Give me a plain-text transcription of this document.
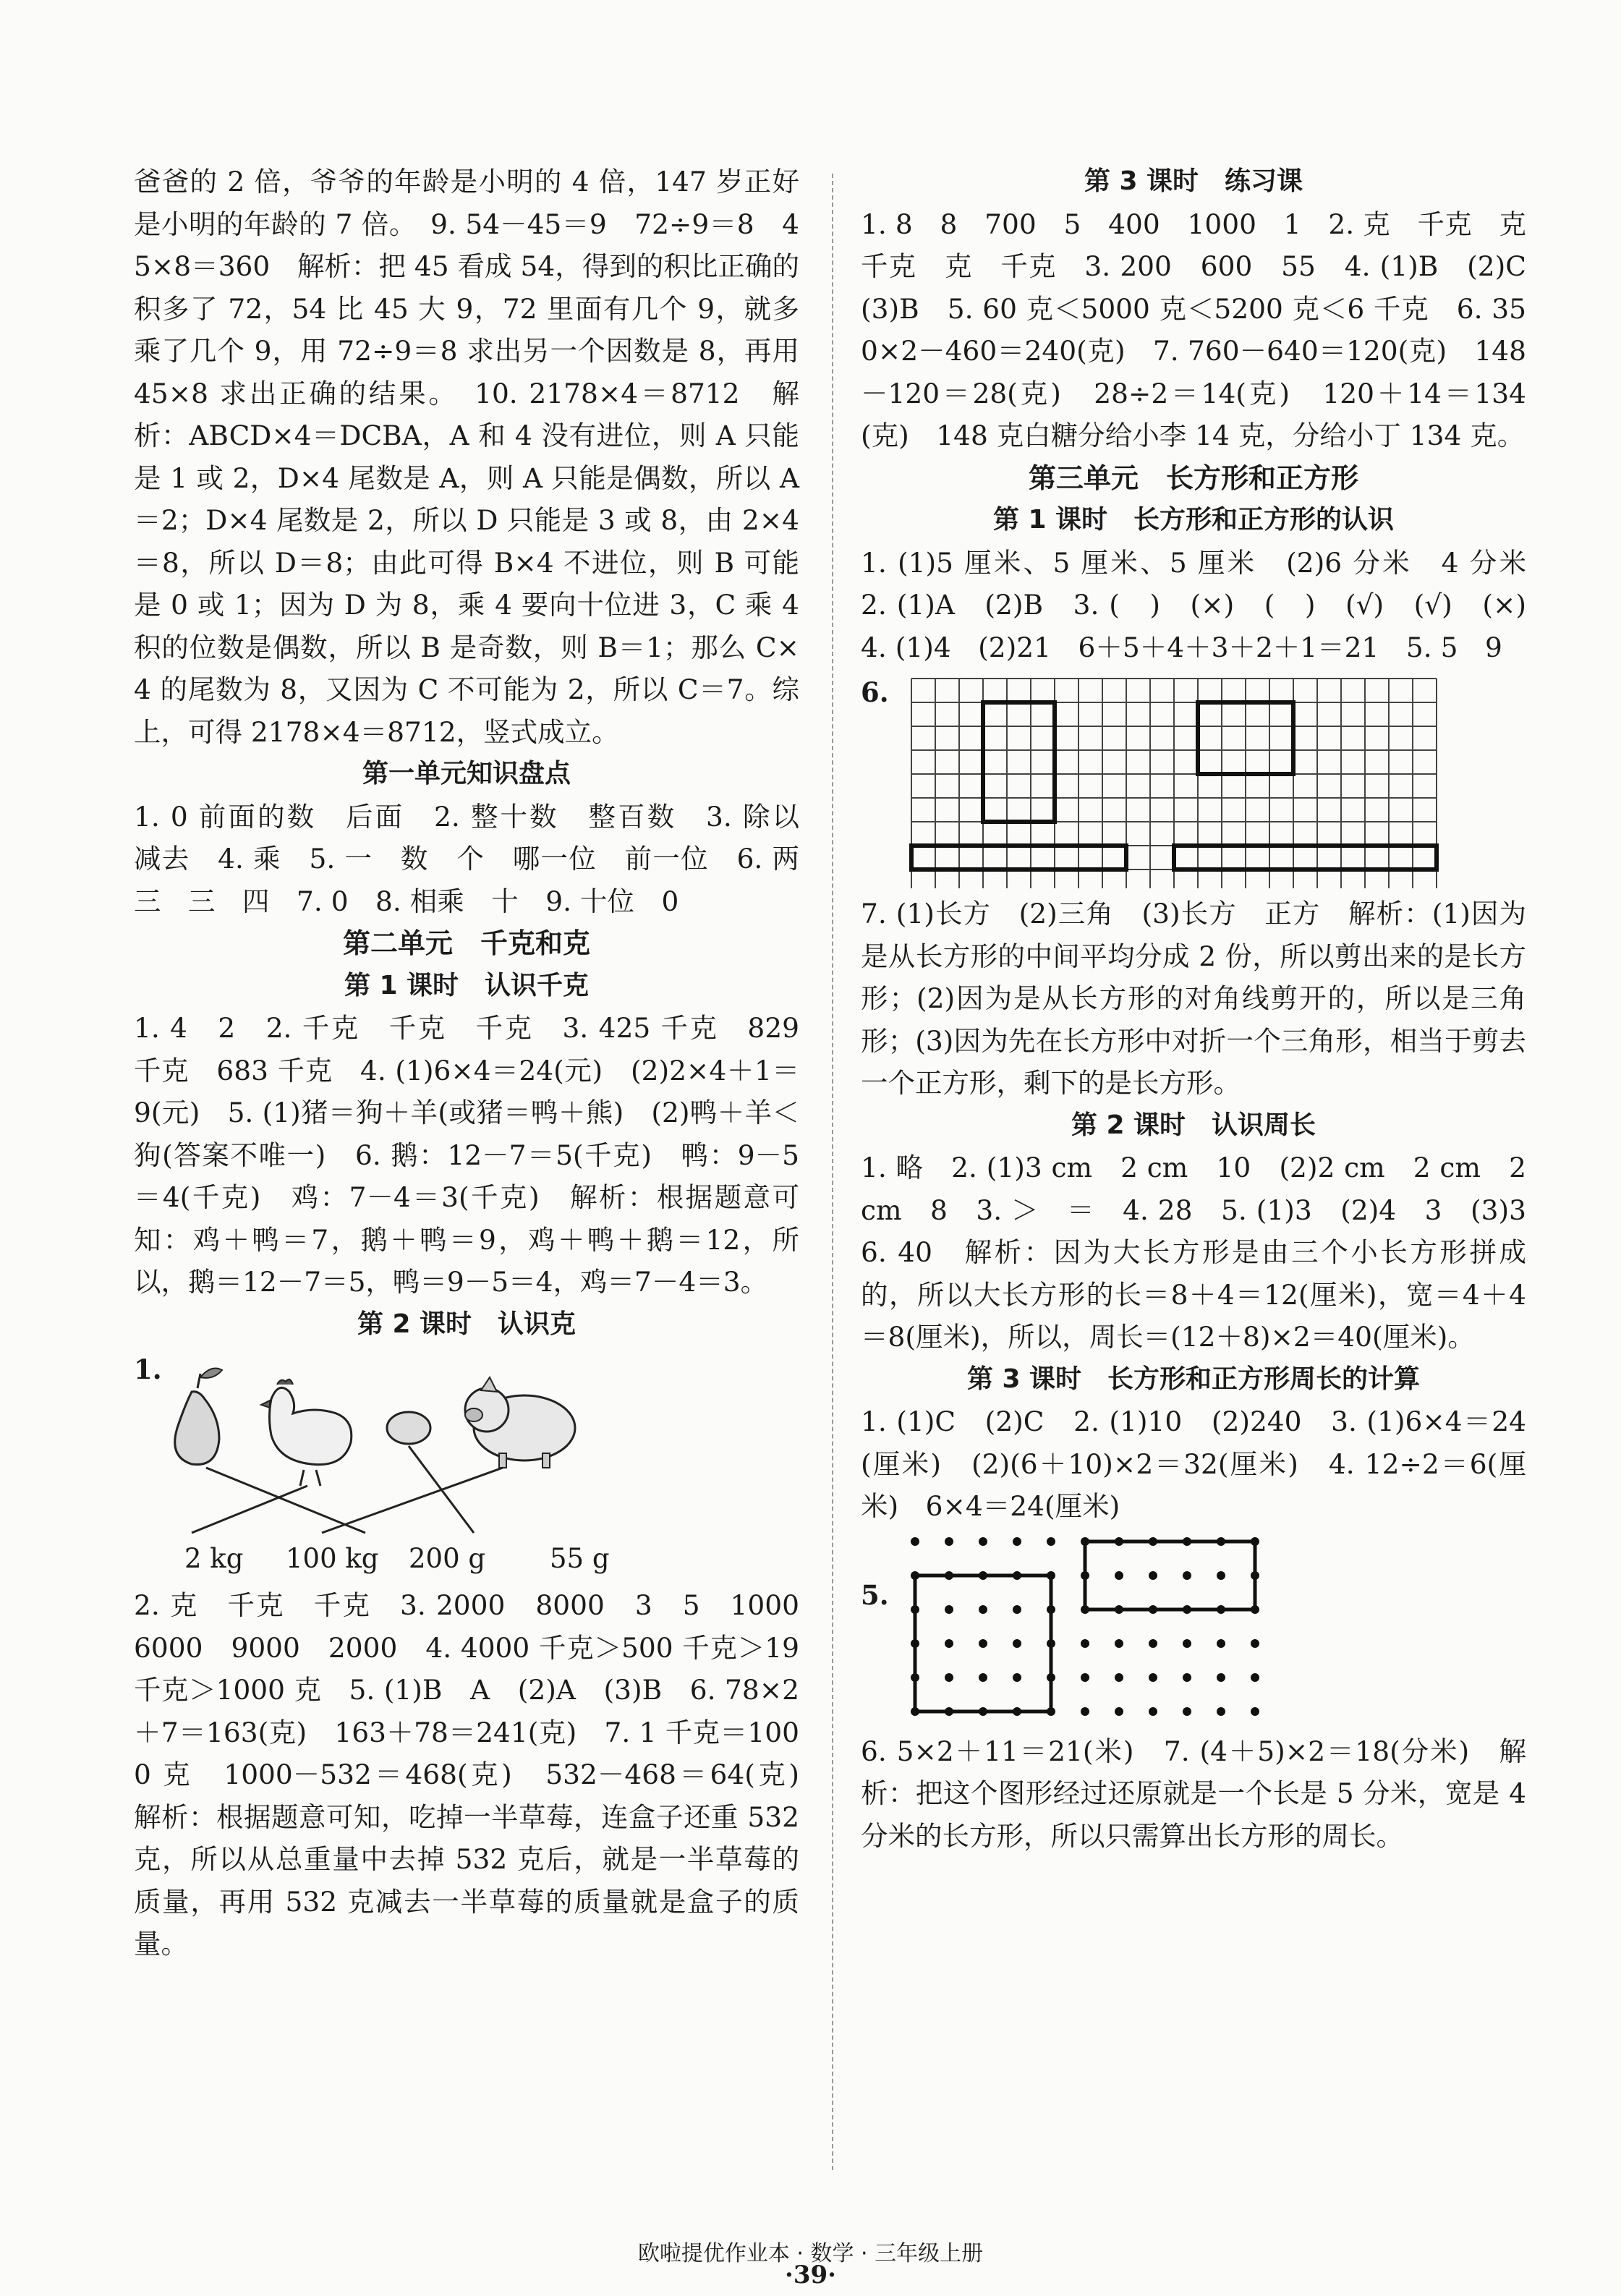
爸爸的 2 倍，爷爷的年龄是小明的 4 倍，147 岁正好是小明的年龄的 7 倍。　9. 54－45＝9　72÷9＝8　45×8＝360　解析：把 45 看成 54，得到的积比正确的积多了 72，54 比 45 大 9，72 里面有几个 9，就多乘了几个 9，用 72÷9＝8 求出另一个因数是 8，再用 45×8 求出正确的结果。　10. 2178×4＝8712　解析：ABCD×4＝DCBA，A 和 4 没有进位，则 A 只能是 1 或 2，D×4 尾数是 A，则 A 只能是偶数，所以 A＝2；D×4 尾数是 2，所以 D 只能是 3 或 8，由 2×4＝8，所以 D＝8；由此可得 B×4 不进位，则 B 可能是 0 或 1；因为 D 为 8，乘 4 要向十位进 3，C 乘 4 积的位数是偶数，所以 B 是奇数，则 B＝1；那么 C×4 的尾数为 8，又因为 C 不可能为 2，所以 C＝7。综上，可得 2178×4＝8712，竖式成立。

第一单元知识盘点

1. 0 前面的数　后面　2. 整十数　整百数　3. 除以　减去　4. 乘　5. 一　数　个　哪一位　前一位　6. 两　三　三　四　7. 0　8. 相乘　十　9. 十位　0

第二单元　千克和克
第 1 课时　认识千克

1. 4　2　2. 千克　千克　千克　3. 425 千克　829 千克　683 千克　4. (1)6×4＝24(元)　(2)2×4＋1＝9(元)　5. (1)猪＝狗＋羊(或猪＝鸭＋熊)　(2)鸭＋羊＜狗(答案不唯一)　6. 鹅：12－7＝5(千克)　鸭：9－5＝4(千克)　鸡：7－4＝3(千克)　解析：根据题意可知：鸡＋鸭＝7，鹅＋鸭＝9，鸡＋鸭＋鹅＝12，所以，鹅＝12－7＝5，鸭＝9－5＝4，鸡＝7－4＝3。

第 2 课时　认识克
1.
2 kg 100 kg 200 g 55 g

2. 克　千克　千克　3. 2000　8000　3　5　1000　6000　9000　2000　4. 4000 千克＞500 千克＞19 千克＞1000 克　5. (1)B　A　(2)A　(3)B　6. 78×2＋7＝163(克)　163＋78＝241(克)　7. 1 千克＝1000 克　1000－532＝468(克)　532－468＝64(克)　解析：根据题意可知，吃掉一半草莓，连盒子还重 532 克，所以从总重量中去掉 532 克后，就是一半草莓的质量，再用 532 克减去一半草莓的质量就是盒子的质量。

第 3 课时　练习课

1. 8　8　700　5　400　1000　1　2. 克　千克　克　千克　克　千克　3. 200　600　55　4. (1)B　(2)C　(3)B　5. 60 克＜5000 克＜5200 克＜6 千克　6. 350×2－460＝240(克)　7. 760－640＝120(克)　148－120＝28(克)　28÷2＝14(克)　120＋14＝134(克)　148 克白糖分给小李 14 克，分给小丁 134 克。

第三单元　长方形和正方形
第 1 课时　长方形和正方形的认识

1. (1)5 厘米、5 厘米、5 厘米　(2)6 分米　4 分米　2. (1)A　(2)B　3. (　)　(×)　(　)　(√)　(√)　(×)　4. (1)4　(2)21　6＋5＋4＋3＋2＋1＝21　5. 5　9

6.

7. (1)长方　(2)三角　(3)长方　正方　解析：(1)因为是从长方形的中间平均分成 2 份，所以剪出来的是长方形；(2)因为是从长方形的对角线剪开的，所以是三角形；(3)因为先在长方形中对折一个三角形，相当于剪去一个正方形，剩下的是长方形。

第 2 课时　认识周长

1. 略　2. (1)3 cm　2 cm　10　(2)2 cm　2 cm　2 cm　8　3. ＞　＝　4. 28　5. (1)3　(2)4　3　(3)3　6. 40　解析：因为大长方形是由三个小长方形拼成的，所以大长方形的长＝8＋4＝12(厘米)，宽＝4＋4＝8(厘米)，所以，周长＝(12＋8)×2＝40(厘米)。

第 3 课时　长方形和正方形周长的计算

1. (1)C　(2)C　2. (1)10　(2)240　3. (1)6×4＝24(厘米)　(2)(6＋10)×2＝32(厘米)　4. 12÷2＝6(厘米)　6×4＝24(厘米)

5.

6. 5×2＋11＝21(米)　7. (4＋5)×2＝18(分米)　解析：把这个图形经过还原就是一个长是 5 分米，宽是 4 分米的长方形，所以只需算出长方形的周长。

欧啦提优作业本 · 数学 · 三年级上册
·39·
